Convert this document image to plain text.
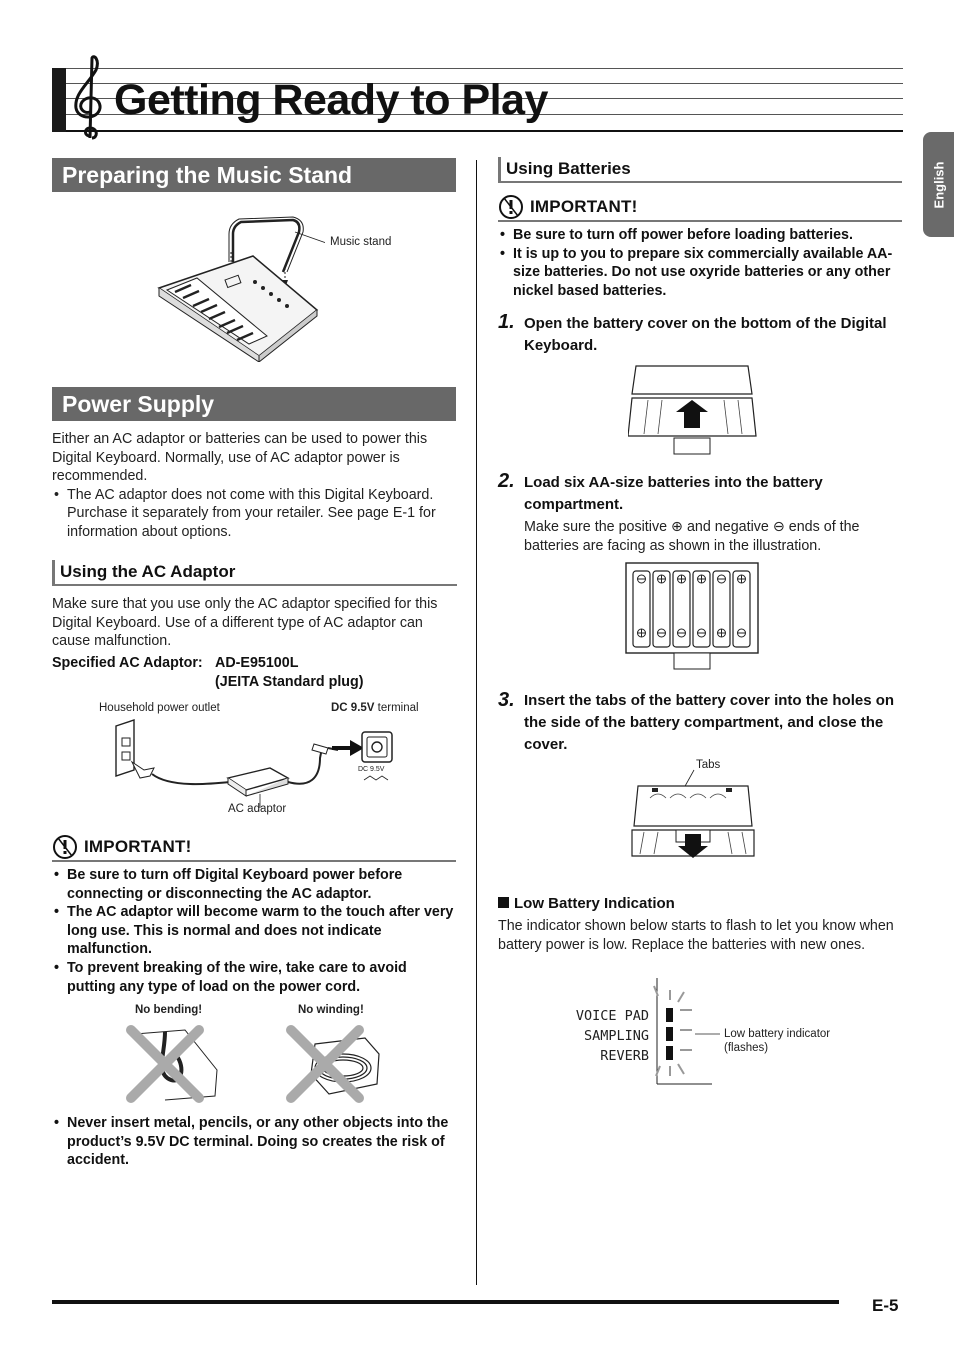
Getting Ready to Play
English
Preparing the Music Stand
Music stand
Power Supply

Either an AC adaptor or batteries can be used to power this Digital Keyboard. Normally, use of AC adaptor power is recommended.

• The AC adaptor does not come with this Digital Keyboard. Purchase it separately from your retailer. See page E-1 for information about options.
Using the AC Adaptor

Make sure that you use only the AC adaptor specified for this Digital Keyboard. Use of a different type of AC adaptor can cause malfunction.

Specified AC Adaptor: AD-E95100L
(JEITA Standard plug)
Household power outlet	DC 9.5V terminal
DC 9.5V
AC adaptor
IMPORTANT!
• Be sure to turn off Digital Keyboard power before connecting or disconnecting the AC adaptor.
• The AC adaptor will become warm to the touch after very long use. This is normal and does not indicate malfunction.
• To prevent breaking of the wire, take care to avoid putting any type of load on the power cord.
No bending!	No winding!
• Never insert metal, pencils, or any other objects into the product’s 9.5V DC terminal. Doing so creates the risk of accident.
Using Batteries
IMPORTANT!
• Be sure to turn off power before loading batteries.
• It is up to you to prepare six commercially available AA-size batteries. Do not use oxyride batteries or any other nickel based batteries.
1. Open the battery cover on the bottom of the Digital Keyboard.
2. Load six AA-size batteries into the battery compartment.
Make sure the positive ⊕ and negative ⊖ ends of the batteries are facing as shown in the illustration.
3. Insert the tabs of the battery cover into the holes on the side of the battery compartment, and close the cover.
Tabs
Low Battery Indication
The indicator shown below starts to flash to let you know when battery power is low. Replace the batteries with new ones.
VOICE PAD
SAMPLING
REVERB
Low battery indicator
(flashes)
E-5
